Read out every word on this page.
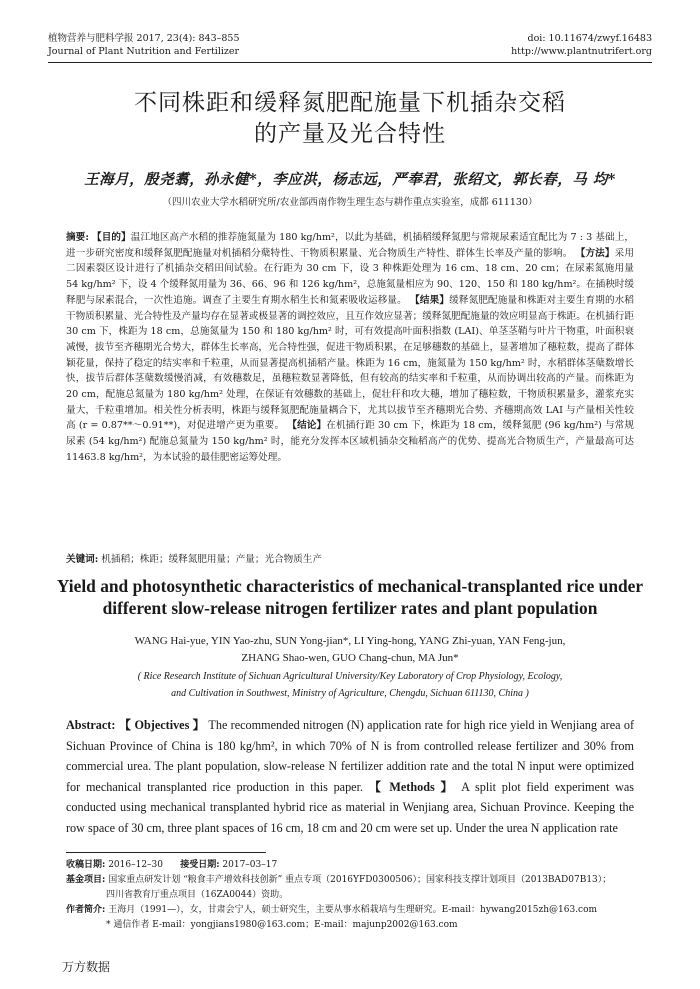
植物营养与肥料学报 2017, 23(4): 843–855
Journal of Plant Nutrition and Fertilizer
doi: 10.11674/zwyf.16483
http://www.plantnutrifert.org
不同株距和缓释氮肥配施量下机插杂交稻
的产量及光合特性
王海月，殷尧翥，孙永健*，李应洪，杨志远，严奉君，张绍文，郭长春，马 均*
（四川农业大学水稻研究所/农业部西南作物生理生态与耕作重点实验室，成都 611130）
摘要: 【目的】温江地区高产水稻的推荐施氮量为 180 kg/hm²，以此为基础，机插稻缓释氮肥与常规尿素适宜配比为 7 : 3 基础上，进一步研究密度和缓释氮肥配施量对机插稻分蘖特性、干物质积累量、光合物质生产特性、群体生长率及产量的影响。 【方法】采用二因素裂区设计进行了机插杂交稻田间试验。在行距为 30 cm 下，设 3 种株距处理为 16 cm、18 cm、20 cm；在尿素氮施用量 54 kg/hm² 下，设 4 个缓释氮用量为 36、66、96 和 126 kg/hm²，总施氮量相应为 90、120、150 和 180 kg/hm²。在插秧时缓释肥与尿素混合，一次性追施。调查了主要生育期水稻生长和氮素吸收运移量。 【结果】缓释氮肥配施量和株距对主要生育期的水稻干物质积累量、光合特性及产量均存在显著或极显著的调控效应，且互作效应显著；缓释氮肥配施量的效应明显高于株距。在机插行距 30 cm 下，株距为 18 cm，总施氮量为 150 和 180 kg/hm² 时，可有效提高叶面积指数 (LAI)、单茎茎鞘与叶片干物重，叶面积衰减慢，拔节至齐穗期光合势大，群体生长率高，光合特性强，促进干物质积累，在足够穗数的基础上，显著增加了穗粒数，提高了群体颖花量，保持了稳定的结实率和千粒重，从而显著提高机插稻产量。株距为 16 cm，施氮量为 150 kg/hm² 时，水稻群体茎蘖数增长快，拔节后群体茎蘖数缓慢消减，有效穗数足，虽穗粒数显著降低，但有较高的结实率和千粒重，从而协调出较高的产量。而株距为 20 cm，配施总氮量为 180 kg/hm² 处理，在保证有效穗数的基础上，促壮秆和攻大穗，增加了穗粒数，干物质积累量多，灌浆充实量大，千粒重增加。相关性分析表明，株距与缓释氮肥配施量耦合下，尤其以拔节至齐穗期光合势、齐穗期高效 LAI 与产量相关性较高 (r = 0.87**～0.91**)，对促进增产更为重要。 【结论】在机插行距 30 cm 下，株距为 18 cm，缓释氮肥 (96 kg/hm²) 与常规尿素 (54 kg/hm²) 配施总氮量为 150 kg/hm² 时，能充分发挥本区域机插杂交籼稻高产的优势、提高光合物质生产，产量最高可达 11463.8 kg/hm²，为本试验的最佳肥密运筹处理。
关键词: 机插稻；株距；缓释氮肥用量；产量；光合物质生产
Yield and photosynthetic characteristics of mechanical-transplanted rice under
different slow-release nitrogen fertilizer rates and plant population
WANG Hai-yue, YIN Yao-zhu, SUN Yong-jian*, LI Ying-hong, YANG Zhi-yuan, YAN Feng-jun,
ZHANG Shao-wen, GUO Chang-chun, MA Jun*
( Rice Research Institute of Sichuan Agricultural University/Key Laboratory of Crop Physiology, Ecology,
and Cultivation in Southwest, Ministry of Agriculture, Chengdu, Sichuan 611130, China )
Abstract: 【 Objectives 】 The recommended nitrogen (N) application rate for high rice yield in Wenjiang area of Sichuan Province of China is 180 kg/hm², in which 70% of N is from controlled release fertilizer and 30% from commercial urea. The plant population, slow-release N fertilizer addition rate and the total N input were optimized for mechanical transplanted rice production in this paper. 【 Methods 】 A split plot field experiment was conducted using mechanical transplanted hybrid rice as material in Wenjiang area, Sichuan Province. Keeping the row space of 30 cm, three plant spaces of 16 cm, 18 cm and 20 cm were set up. Under the urea N application rate

收稿日期: 2016–12–30 接受日期: 2017–03–17

基金项目: 国家重点研发计划 “粮食丰产增效科技创新” 重点专项（2016YFD0300506）；国家科技支撑计划项目（2013BAD07B13）；

四川省教育厅重点项目（16ZA0044）资助。

作者简介: 王海月（1991—），女，甘肃会宁人，硕士研究生，主要从事水稻栽培与生理研究。E-mail：hywang2015zh@163.com

* 通信作者 E-mail：yongjians1980@163.com；E-mail：majunp2002@163.com

万方数据
